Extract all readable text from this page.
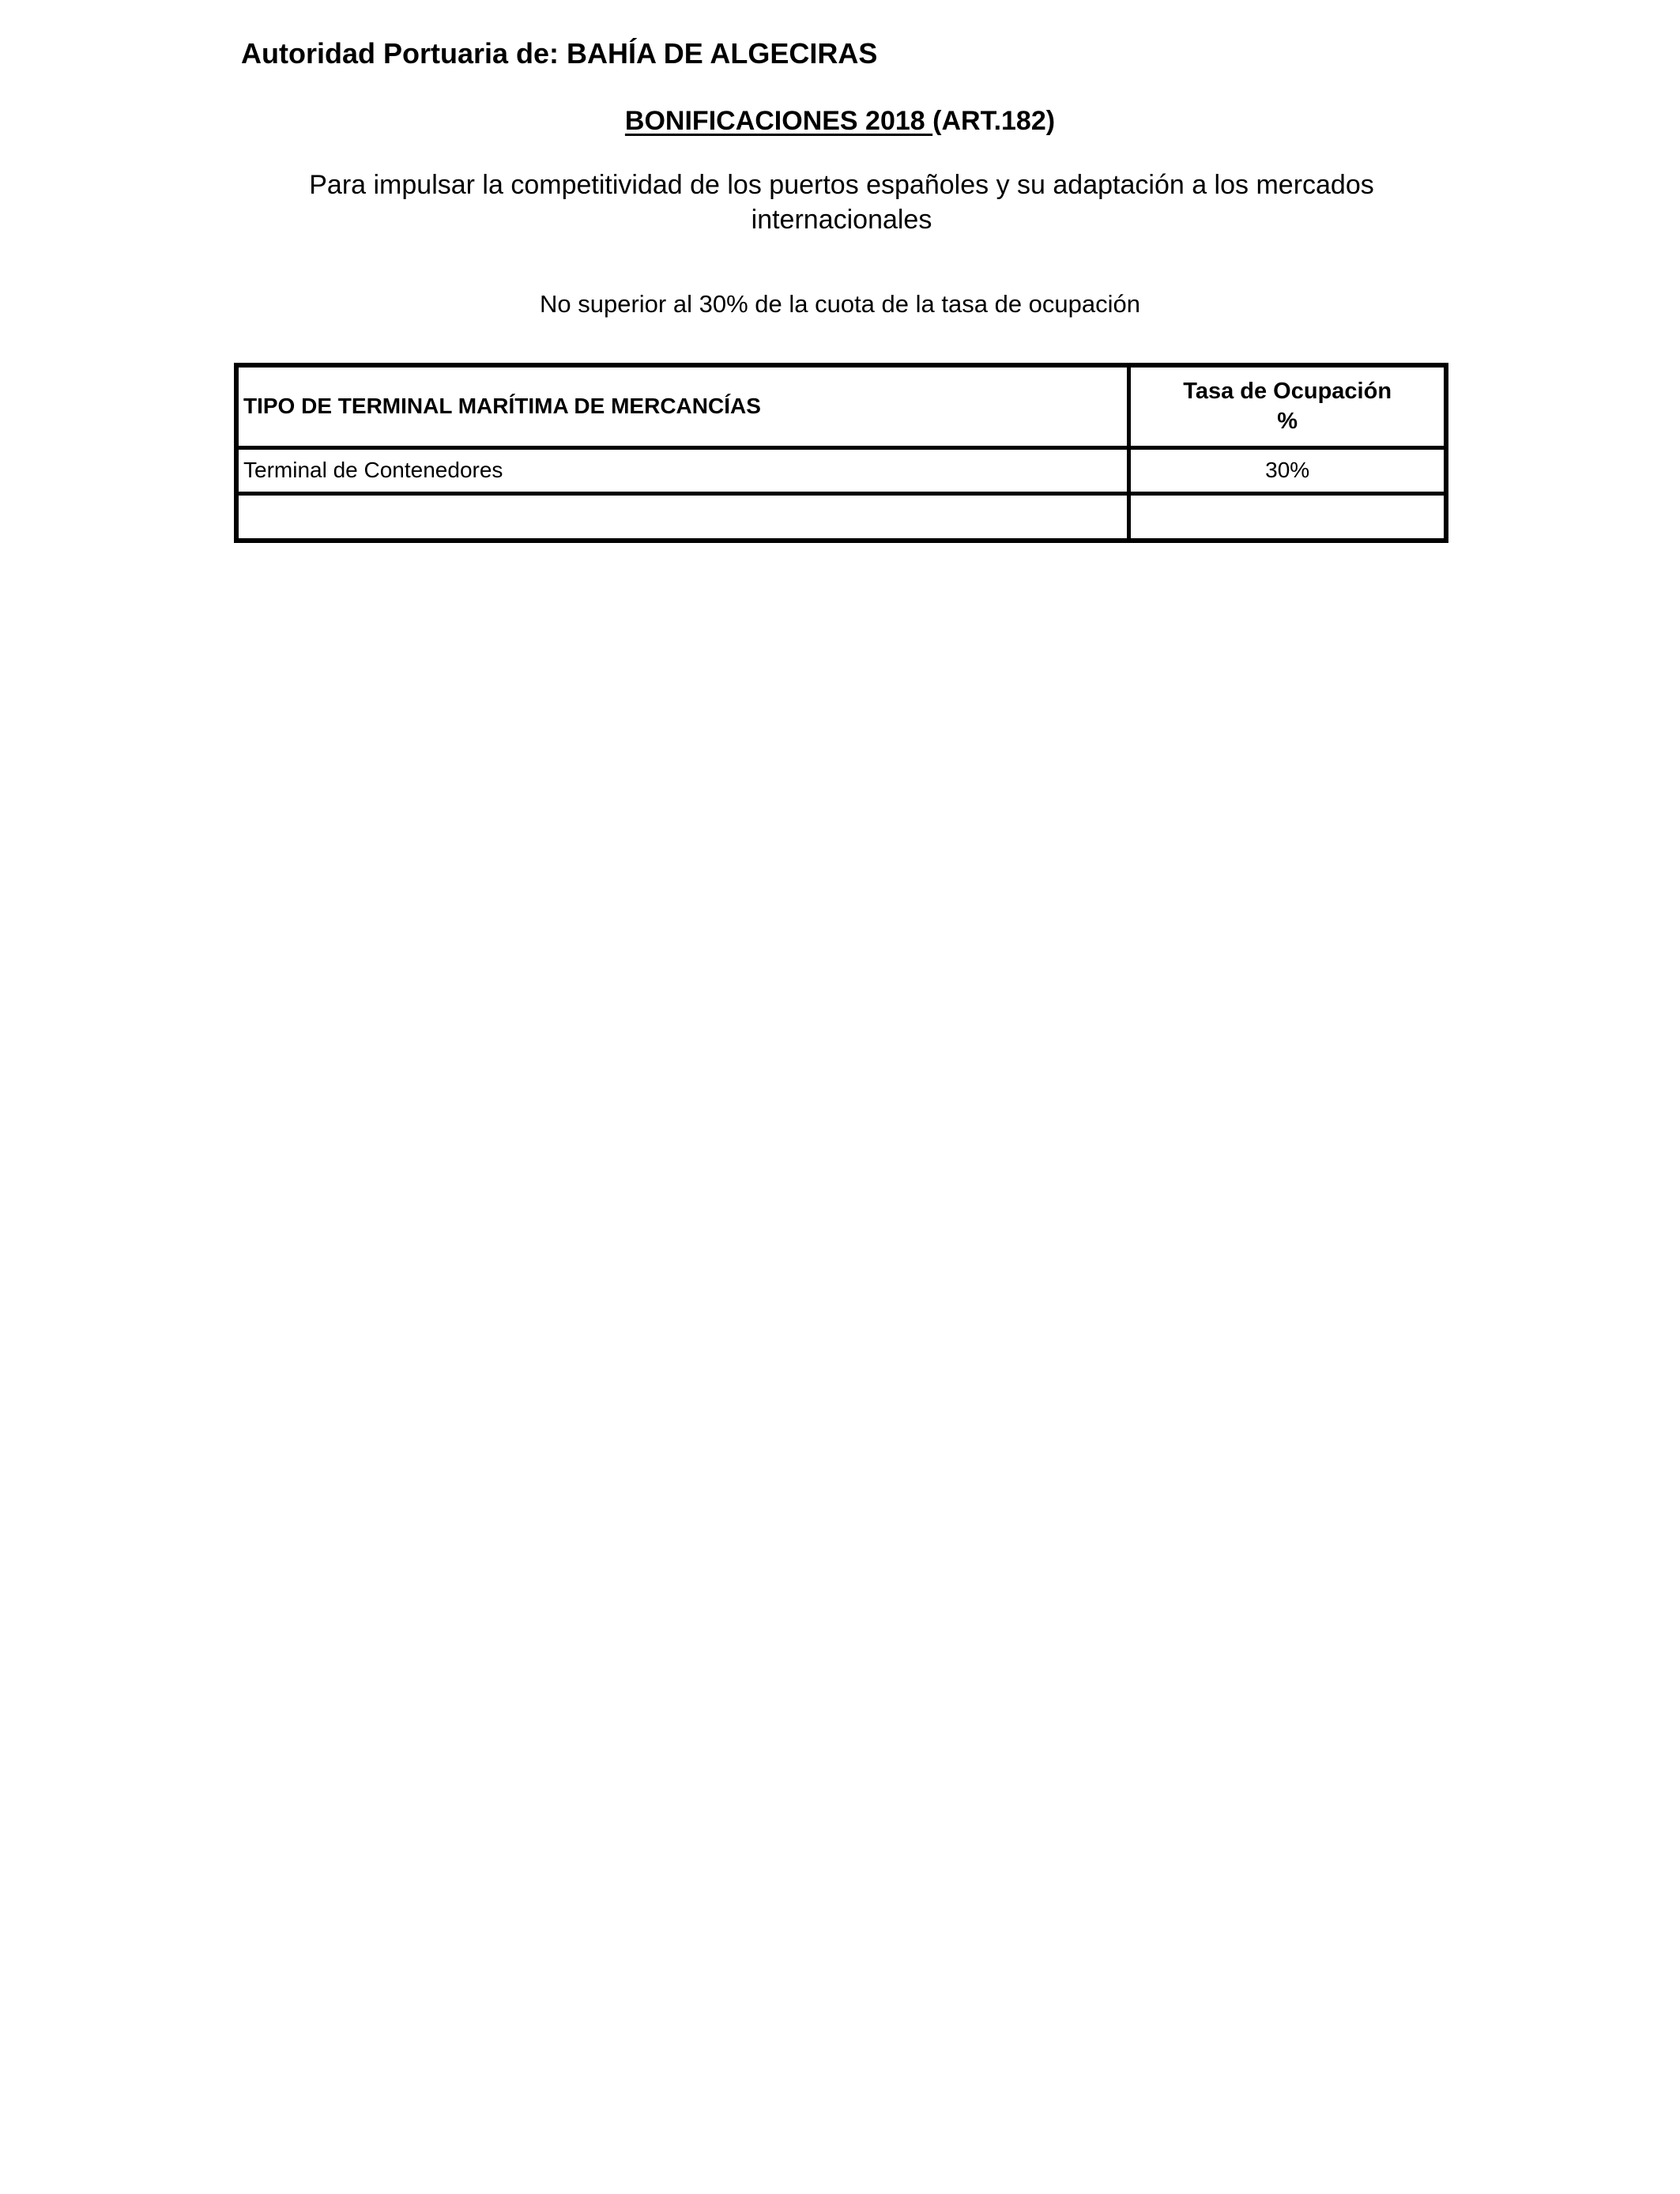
Autoridad Portuaria de: BAHÍA DE ALGECIRAS
BONIFICACIONES 2018 (ART.182)
Para impulsar la competitividad de los puertos españoles y su adaptación a los mercados internacionales
No superior al 30% de la cuota de la tasa de ocupación
TIPO DE TERMINAL MARÍTIMA DE MERCANCÍAS	Tasa de Ocupación
%

Terminal de Contenedores	30%
